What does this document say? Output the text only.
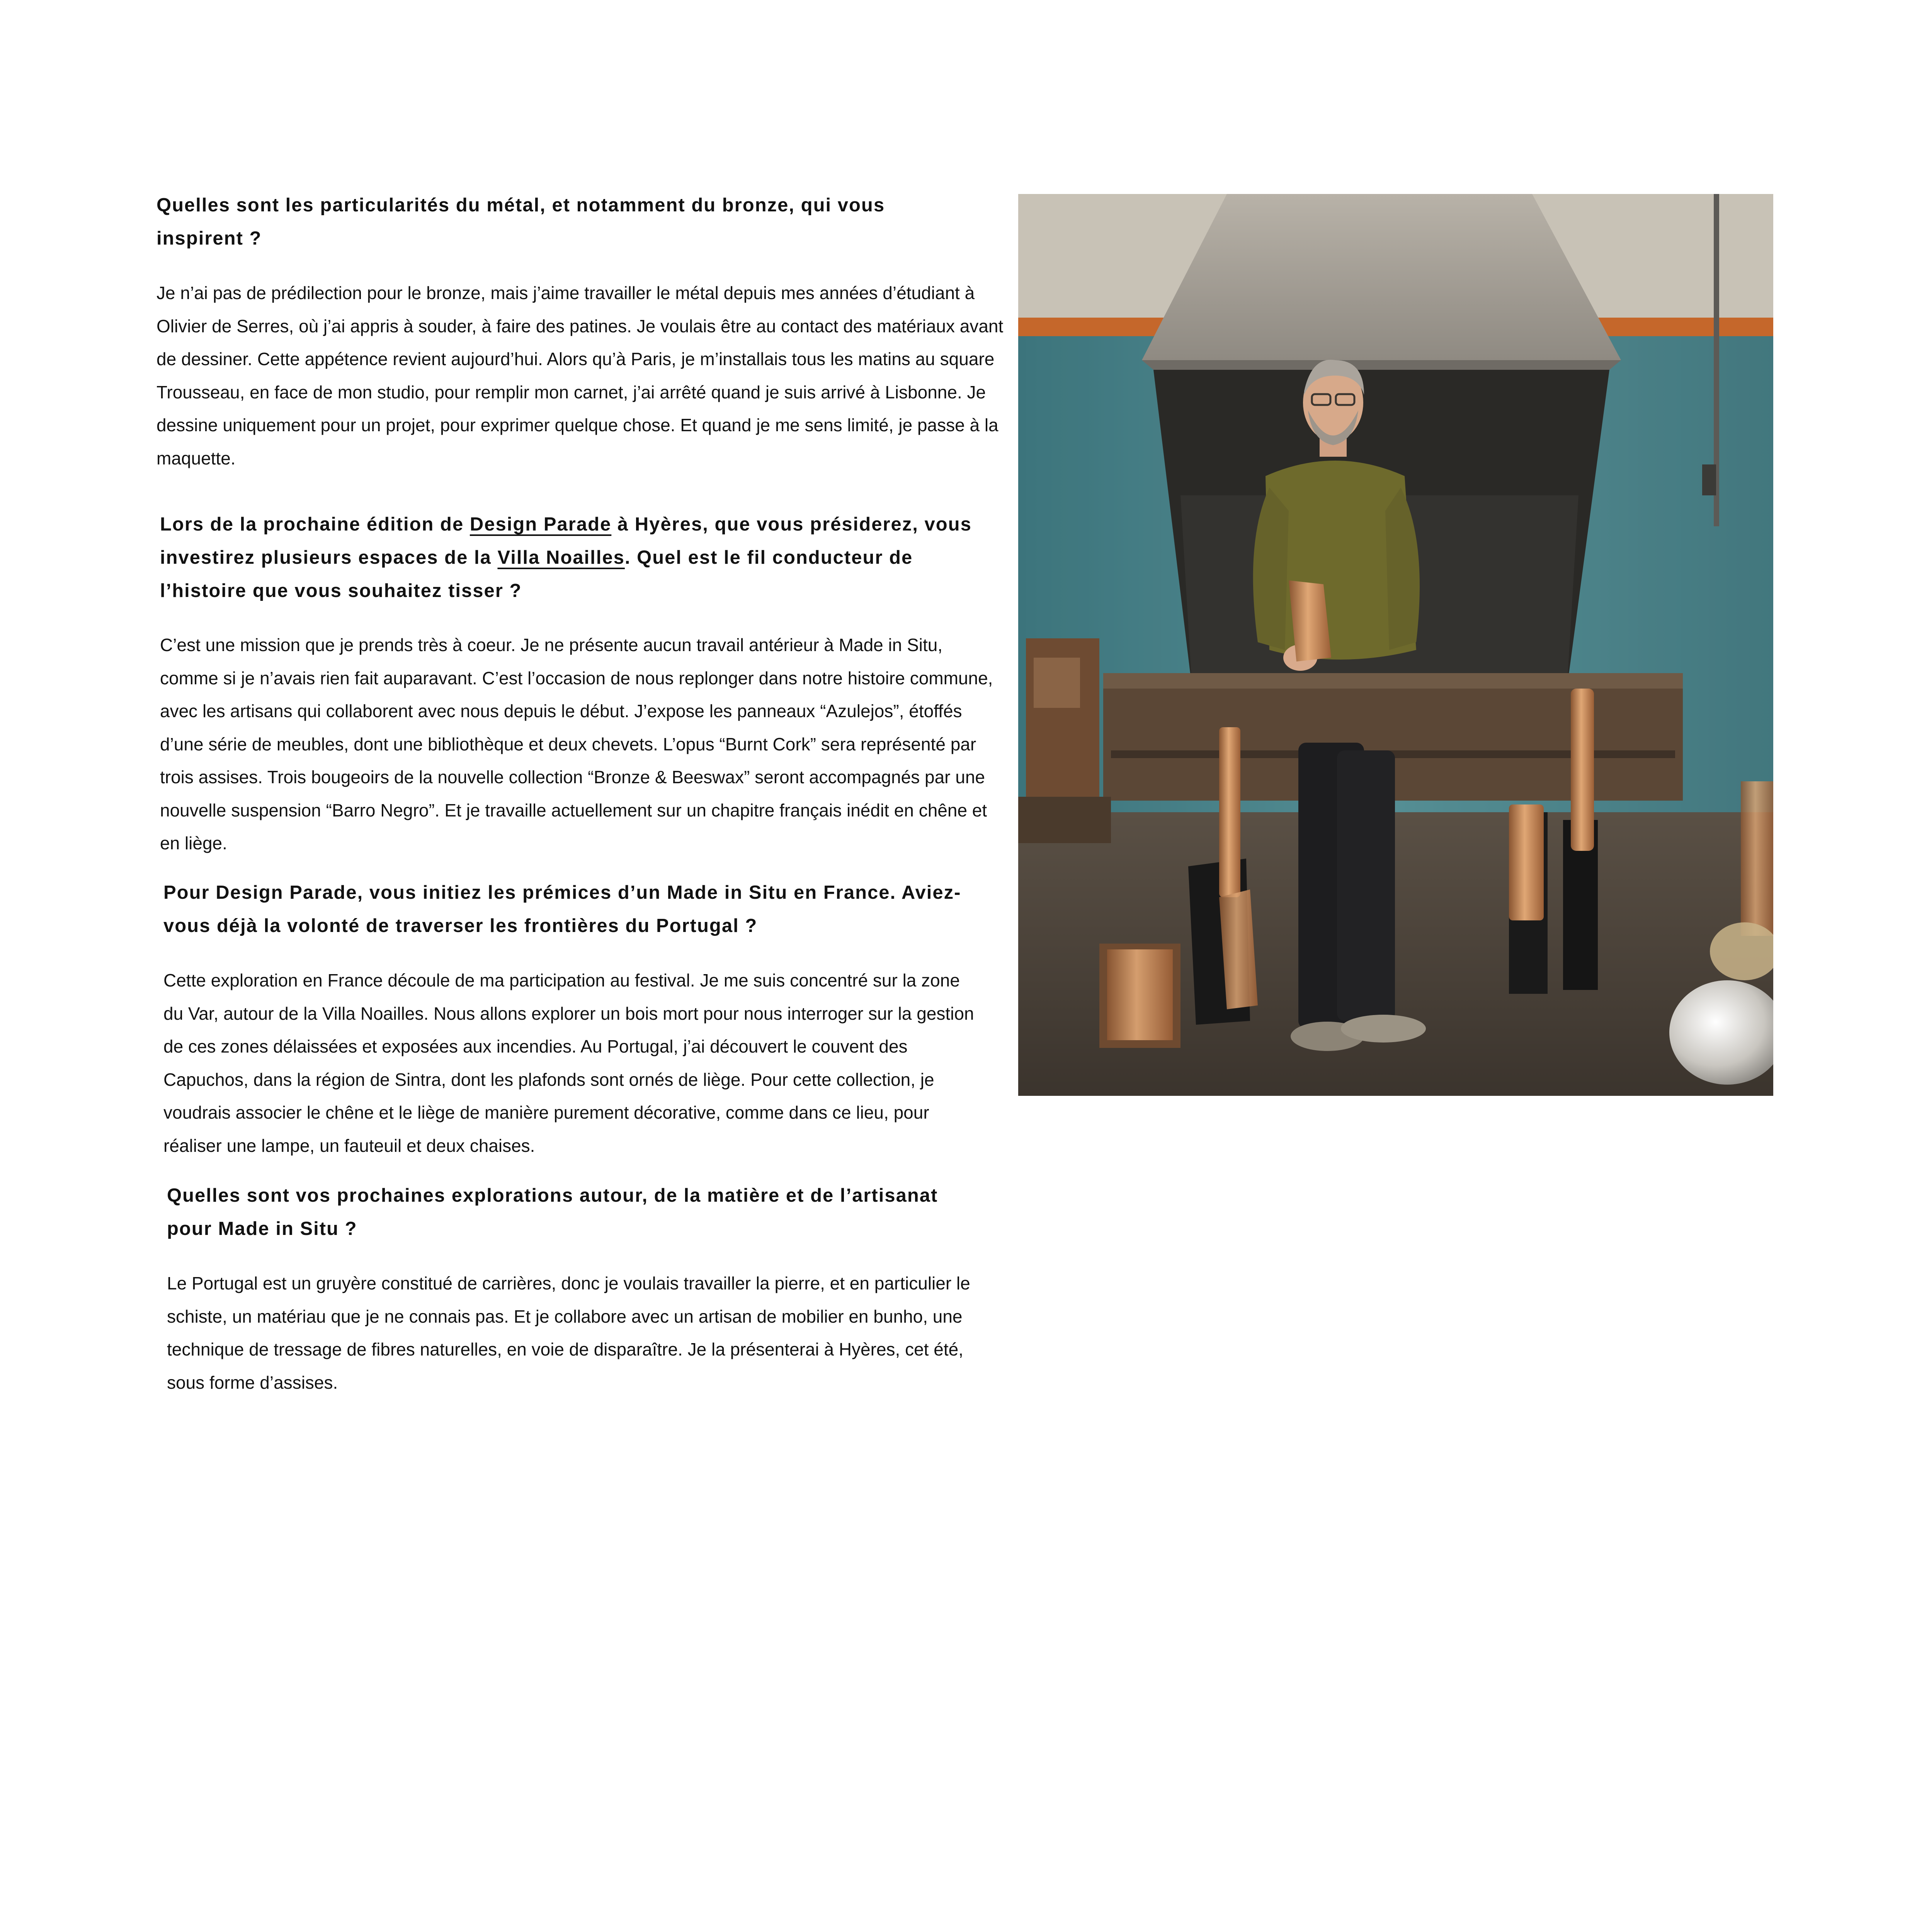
Quelles sont les particularités du métal, et notamment du bronze, qui vous inspirent ?

Je n’ai pas de prédilection pour le bronze, mais j’aime travailler le métal depuis mes années d’étudiant à Olivier de Serres, où j’ai appris à souder, à faire des patines. Je voulais être au contact des matériaux avant de dessiner. Cette appétence revient aujourd’hui. Alors qu’à Paris, je m’installais tous les matins au square Trousseau, en face de mon studio, pour remplir mon carnet, j’ai arrêté quand je suis arrivé à Lisbonne. Je dessine uniquement pour un projet, pour exprimer quelque chose. Et quand je me sens limité, je passe à la maquette.

Lors de la prochaine édition de Design Parade à Hyères, que vous présiderez, vous investirez plusieurs espaces de la Villa Noailles. Quel est le fil conducteur de l’histoire que vous souhaitez tisser ?

C’est une mission que je prends très à coeur. Je ne présente aucun travail antérieur à Made in Situ, comme si je n’avais rien fait auparavant. C’est l’occasion de nous replonger dans notre histoire commune, avec les artisans qui collaborent avec nous depuis le début. J’expose les panneaux “Azulejos”, étoffés d’une série de meubles, dont une bibliothèque et deux chevets. L’opus “Burnt Cork” sera représenté par trois assises. Trois bougeoirs de la nouvelle collection “Bronze & Beeswax” seront accompagnés par une nouvelle suspension “Barro Negro”. Et je travaille actuellement sur un chapitre français inédit en chêne et en liège.

Pour Design Parade, vous initiez les prémices d’un Made in Situ en France. Aviez-vous déjà la volonté de traverser les frontières du Portugal ?

Cette exploration en France découle de ma participation au festival. Je me suis concentré sur la zone du Var, autour de la Villa Noailles. Nous allons explorer un bois mort pour nous interroger sur la gestion de ces zones délaissées et exposées aux incendies. Au Portugal, j’ai découvert le couvent des Capuchos, dans la région de Sintra, dont les plafonds sont ornés de liège. Pour cette collection, je voudrais associer le chêne et le liège de manière purement décorative, comme dans ce lieu, pour réaliser une lampe, un fauteuil et deux chaises.

Quelles sont vos prochaines explorations autour, de la matière et de l’artisanat pour Made in Situ ?

Le Portugal est un gruyère constitué de carrières, donc je voulais travailler la pierre, et en particulier le schiste, un matériau que je ne connais pas. Et je collabore avec un artisan de mobilier en bunho, une technique de tressage de fibres naturelles, en voie de disparaître. Je la présenterai à Hyères, cet été, sous forme d’assises.
